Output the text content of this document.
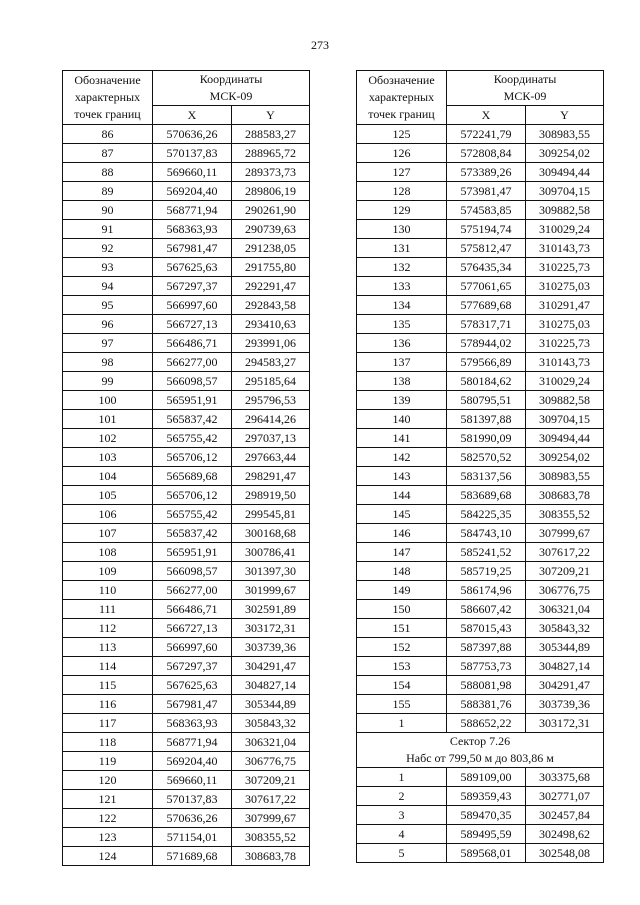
273
Обозначение
характерных
точек границ	Координаты
МСК-09	

	X	Y
86	570636,26	288583,27
87	570137,83	288965,72
88	569660,11	289373,73
89	569204,40	289806,19
90	568771,94	290261,90
91	568363,93	290739,63
92	567981,47	291238,05
93	567625,63	291755,80
94	567297,37	292291,47
95	566997,60	292843,58
96	566727,13	293410,63
97	566486,71	293991,06
98	566277,00	294583,27
99	566098,57	295185,64
100	565951,91	295796,53
101	565837,42	296414,26
102	565755,42	297037,13
103	565706,12	297663,44
104	565689,68	298291,47
105	565706,12	298919,50
106	565755,42	299545,81
107	565837,42	300168,68
108	565951,91	300786,41
109	566098,57	301397,30
110	566277,00	301999,67
111	566486,71	302591,89
112	566727,13	303172,31
113	566997,60	303739,36
114	567297,37	304291,47
115	567625,63	304827,14
116	567981,47	305344,89
117	568363,93	305843,32
118	568771,94	306321,04
119	569204,40	306776,75
120	569660,11	307209,21
121	570137,83	307617,22
122	570636,26	307999,67
123	571154,01	308355,52
124	571689,68	308683,78
Обозначение
характерных
точек границ	Координаты
МСК-09	

	X	Y
125	572241,79	308983,55
126	572808,84	309254,02
127	573389,26	309494,44
128	573981,47	309704,15
129	574583,85	309882,58
130	575194,74	310029,24
131	575812,47	310143,73
132	576435,34	310225,73
133	577061,65	310275,03
134	577689,68	310291,47
135	578317,71	310275,03
136	578944,02	310225,73
137	579566,89	310143,73
138	580184,62	310029,24
139	580795,51	309882,58
140	581397,88	309704,15
141	581990,09	309494,44
142	582570,52	309254,02
143	583137,56	308983,55
144	583689,68	308683,78
145	584225,35	308355,52
146	584743,10	307999,67
147	585241,52	307617,22
148	585719,25	307209,21
149	586174,96	306776,75
150	586607,42	306321,04
151	587015,43	305843,32
152	587397,88	305344,89
153	587753,73	304827,14
154	588081,98	304291,47
155	588381,76	303739,36
1	588652,22	303172,31
Сектор 7.26
Набс от 799,50 м до 803,86 м		
1	589109,00	303375,68
2	589359,43	302771,07
3	589470,35	302457,84
4	589495,59	302498,62
5	589568,01	302548,08
